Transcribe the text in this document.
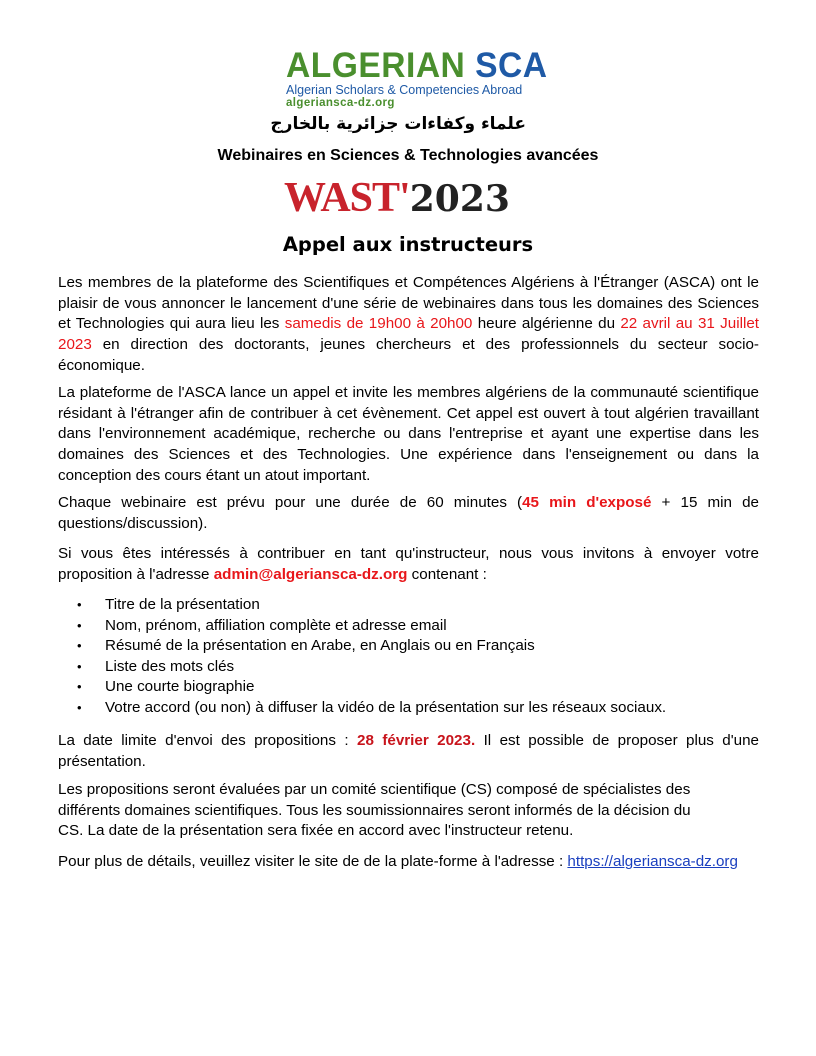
ALGERIAN SCA
Algerian Scholars & Competencies Abroad
algeriansca-dz.org
علماء وكفاءات جزائرية بالخارج
Webinaires en Sciences & Technologies avancées
WAST'2023
Appel aux instructeurs

Les membres de la plateforme des Scientifiques et Compétences Algériens à l'Étranger (ASCA) ont le plaisir de vous annoncer le lancement d'une série de webinaires dans tous les domaines des Sciences et Technologies qui aura lieu les samedis de 19h00 à 20h00 heure algérienne du 22 avril au 31 Juillet 2023 en direction des doctorants, jeunes chercheurs et des professionnels du secteur socio-économique.

La plateforme de l'ASCA lance un appel et invite les membres algériens de la communauté scientifique résidant à l'étranger afin de contribuer à cet évènement. Cet appel est ouvert à tout algérien travaillant dans l'environnement académique, recherche ou dans l'entreprise et ayant une expertise dans les domaines des Sciences et des Technologies. Une expérience dans l'enseignement ou dans la conception des cours étant un atout important.

Chaque webinaire est prévu pour une durée de 60 minutes (45 min d'exposé + 15 min de questions/discussion).

Si vous êtes intéressés à contribuer en tant qu'instructeur, nous vous invitons à envoyer votre proposition à l'adresse admin@algeriansca-dz.org contenant :

• Titre de la présentation
• Nom, prénom, affiliation complète et adresse email
• Résumé de la présentation en Arabe, en Anglais ou en Français
• Liste des mots clés
• Une courte biographie
• Votre accord (ou non) à diffuser la vidéo de la présentation sur les réseaux sociaux.

La date limite d'envoi des propositions : 28 février 2023. Il est possible de proposer plus d'une présentation.

Les propositions seront évaluées par un comité scientifique (CS) composé de spécialistes des
différents domaines scientifiques. Tous les soumissionnaires seront informés de la décision du
CS. La date de la présentation sera fixée en accord avec l'instructeur retenu.

Pour plus de détails, veuillez visiter le site de de la plate-forme à l'adresse : https://algeriansca-dz.org
